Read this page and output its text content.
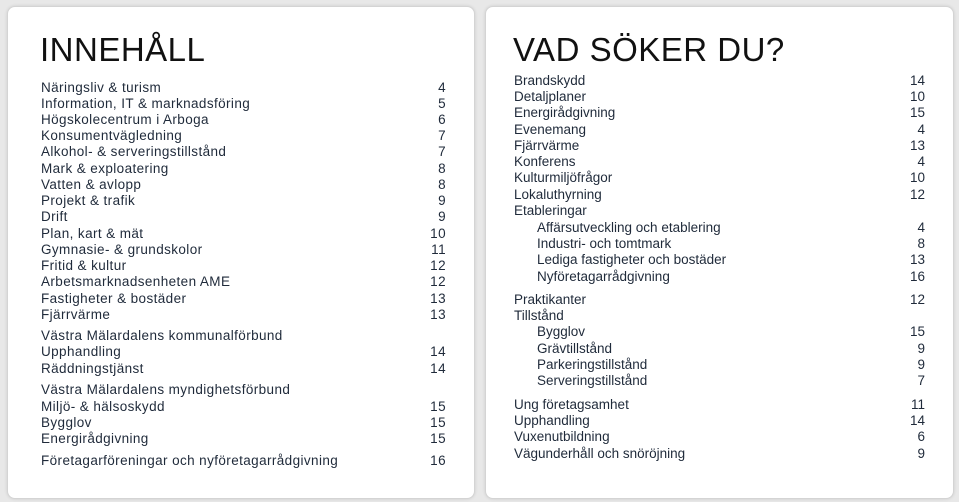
INNEHÅLL
Näringsliv & turism	4
Information, IT & marknadsföring	5
Högskolecentrum i Arboga	6
Konsumentvägledning	7
Alkohol- & serveringstillstånd	7
Mark & exploatering	8
Vatten & avlopp	8
Projekt & trafik	9
Drift	9
Plan, kart & mät	10
Gymnasie- & grundskolor	11
Fritid & kultur	12
Arbetsmarknadsenheten AME	12
Fastigheter & bostäder	13
Fjärrvärme	13
Västra Mälardalens kommunalförbund
Upphandling	14
Räddningstjänst	14
Västra Mälardalens myndighetsförbund
Miljö- & hälsoskydd	15
Bygglov	15
Energirådgivning	15
Företagarföreningar och nyföretagarrådgivning	16
VAD SÖKER DU?
Brandskydd	14
Detaljplaner	10
Energirådgivning	15
Evenemang	4
Fjärrvärme	13
Konferens	4
Kulturmiljöfrågor	10
Lokaluthyrning	12
Etableringar
Affärsutveckling och etablering	4
Industri- och tomtmark	8
Lediga fastigheter och bostäder	13
Nyföretagarrådgivning	16
Praktikanter	12
Tillstånd
Bygglov	15
Grävtillstånd	9
Parkeringstillstånd	9
Serveringstillstånd	7
Ung företagsamhet	11
Upphandling	14
Vuxenutbildning	6
Vägunderhåll och snöröjning	9
